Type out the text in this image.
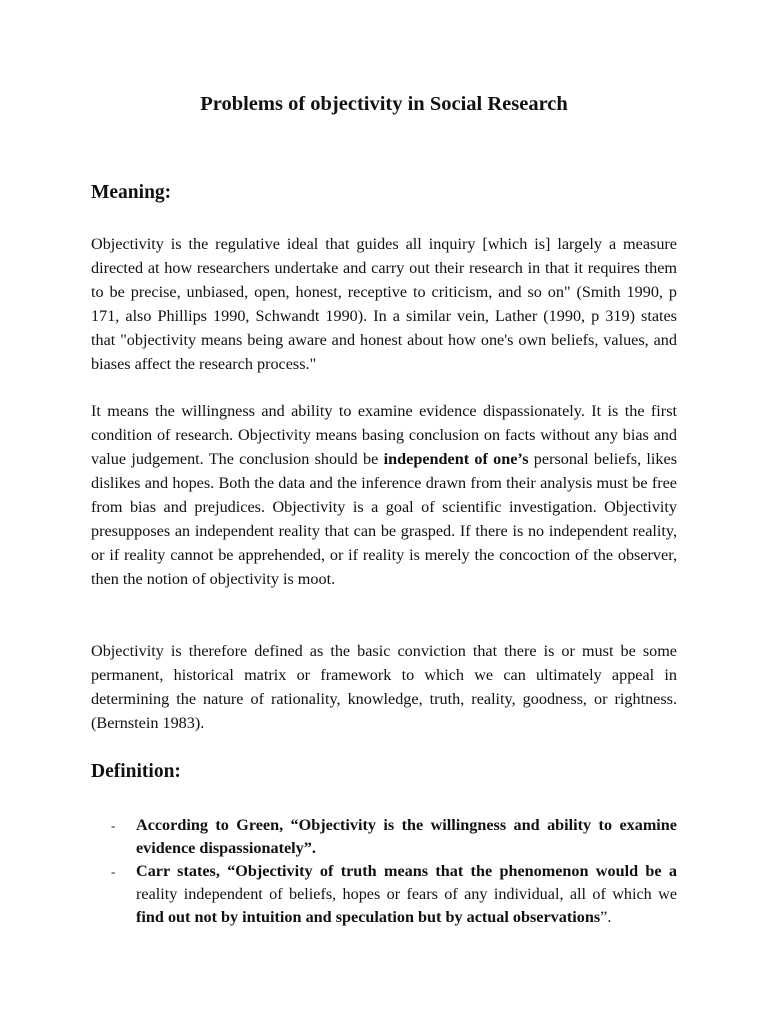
Problems of objectivity in Social Research
Meaning:

Objectivity is the regulative ideal that guides all inquiry [which is] largely a measure directed at how researchers undertake and carry out their research in that it requires them to be precise, unbiased, open, honest, receptive to criticism, and so on" (Smith 1990, p 171, also Phillips 1990, Schwandt 1990). In a similar vein, Lather (1990, p 319) states that "objectivity means being aware and honest about how one's own beliefs, values, and biases affect the research process."

It means the willingness and ability to examine evidence dispassionately. It is the first condition of research. Objectivity means basing conclusion on facts without any bias and value judgement. The conclusion should be independent of one’s personal beliefs, likes dislikes and hopes. Both the data and the inference drawn from their analysis must be free from bias and prejudices. Objectivity is a goal of scientific investigation. Objectivity presupposes an independent reality that can be grasped. If there is no independent reality, or if reality cannot be apprehended, or if reality is merely the concoction of the observer, then the notion of objectivity is moot.

Objectivity is therefore defined as the basic conviction that there is or must be some permanent, historical matrix or framework to which we can ultimately appeal in determining the nature of rationality, knowledge, truth, reality, goodness, or rightness. (Bernstein 1983).

Definition:
- According to Green, “Objectivity is the willingness and ability to examine evidence dispassionately”.
- Carr states, “Objectivity of truth means that the phenomenon would be a reality independent of beliefs, hopes or fears of any individual, all of which we find out not by intuition and speculation but by actual observations”.
